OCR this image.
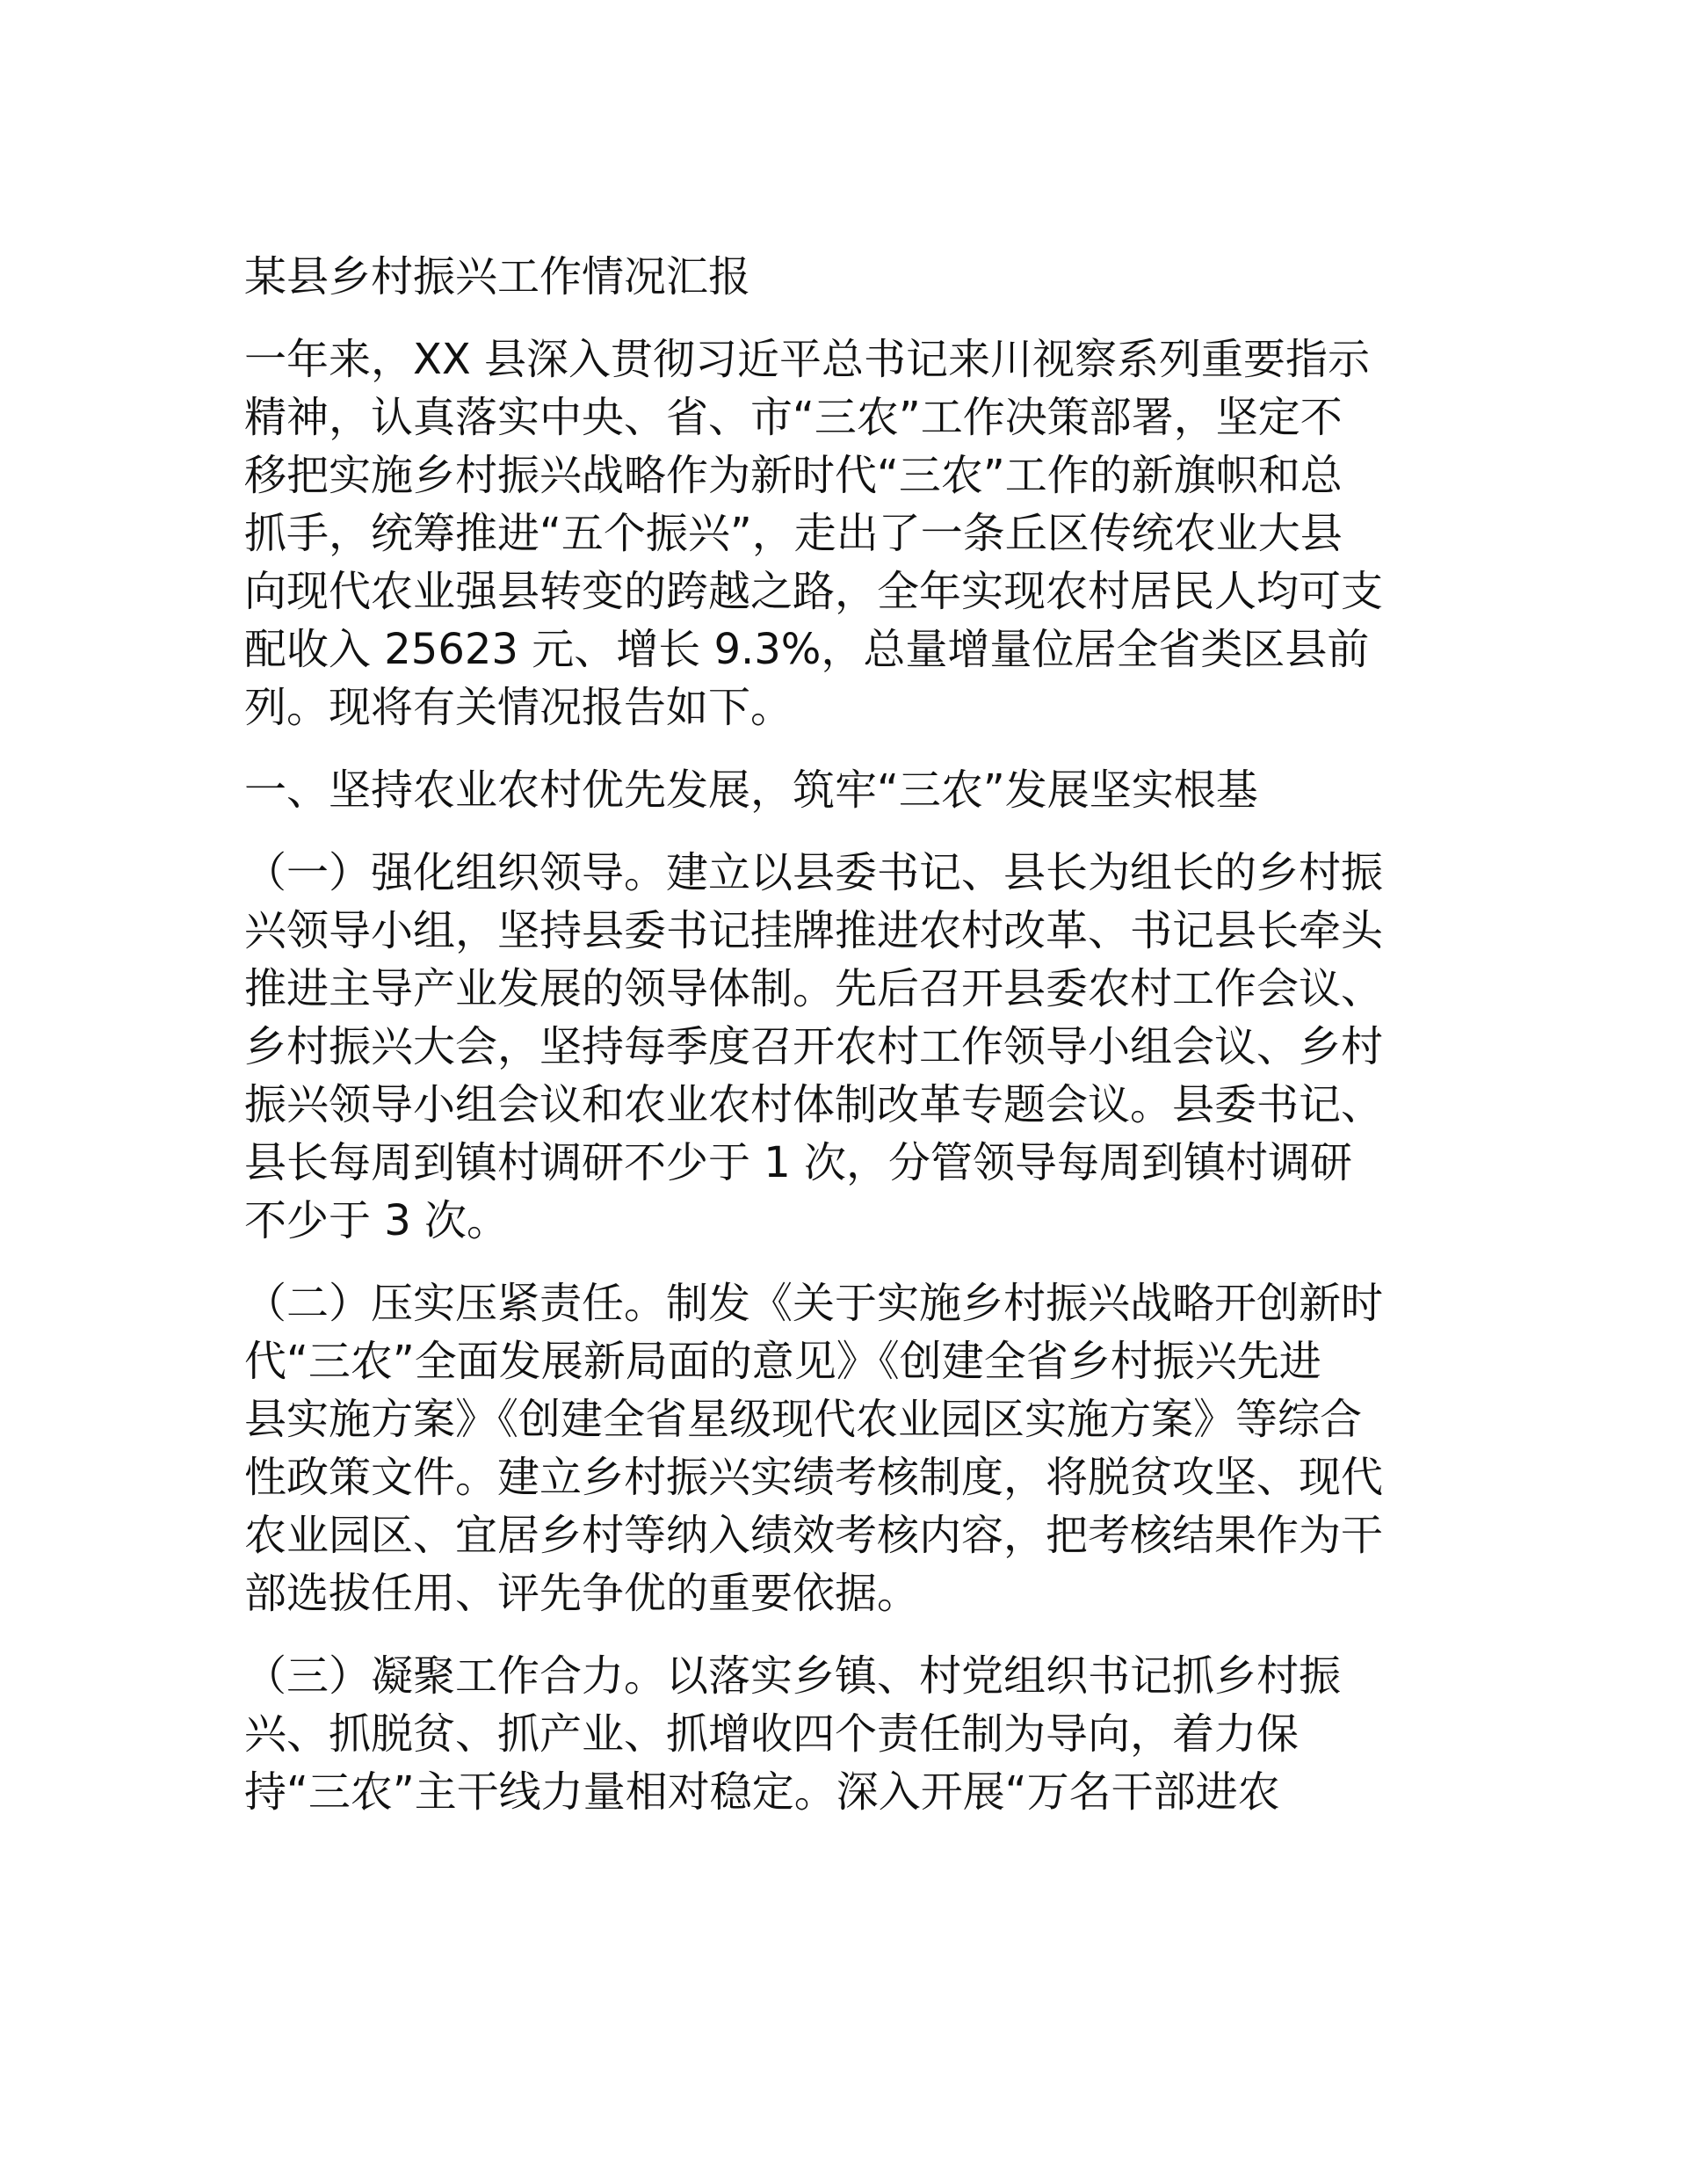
某县乡村振兴工作情况汇报
一年来，XX 县深入贯彻习近平总书记来川视察系列重要指示
精神，认真落实中央、省、市“三农”工作决策部署，坚定不
移把实施乡村振兴战略作为新时代“三农”工作的新旗帜和总
抓手，统筹推进“五个振兴”，走出了一条丘区传统农业大县
向现代农业强县转变的跨越之路，全年实现农村居民人均可支
配收入 25623 元、增长 9.3%，总量增量位居全省类区县前
列。现将有关情况报告如下。
一、坚持农业农村优先发展，筑牢“三农”发展坚实根基
（一）强化组织领导。建立以县委书记、县长为组长的乡村振
兴领导小组，坚持县委书记挂牌推进农村改革、书记县长牵头
推进主导产业发展的领导体制。先后召开县委农村工作会议、
乡村振兴大会，坚持每季度召开农村工作领导小组会议、乡村
振兴领导小组会议和农业农村体制改革专题会议。县委书记、
县长每周到镇村调研不少于 1 次，分管领导每周到镇村调研
不少于 3 次。
（二）压实压紧责任。制发《关于实施乡村振兴战略开创新时
代“三农”全面发展新局面的意见》《创建全省乡村振兴先进
县实施方案》《创建全省星级现代农业园区实施方案》等综合
性政策文件。建立乡村振兴实绩考核制度，将脱贫攻坚、现代
农业园区、宜居乡村等纳入绩效考核内容，把考核结果作为干
部选拔任用、评先争优的重要依据。
（三）凝聚工作合力。以落实乡镇、村党组织书记抓乡村振
兴、抓脱贫、抓产业、抓增收四个责任制为导向，着力保
持“三农”主干线力量相对稳定。深入开展“万名干部进农
